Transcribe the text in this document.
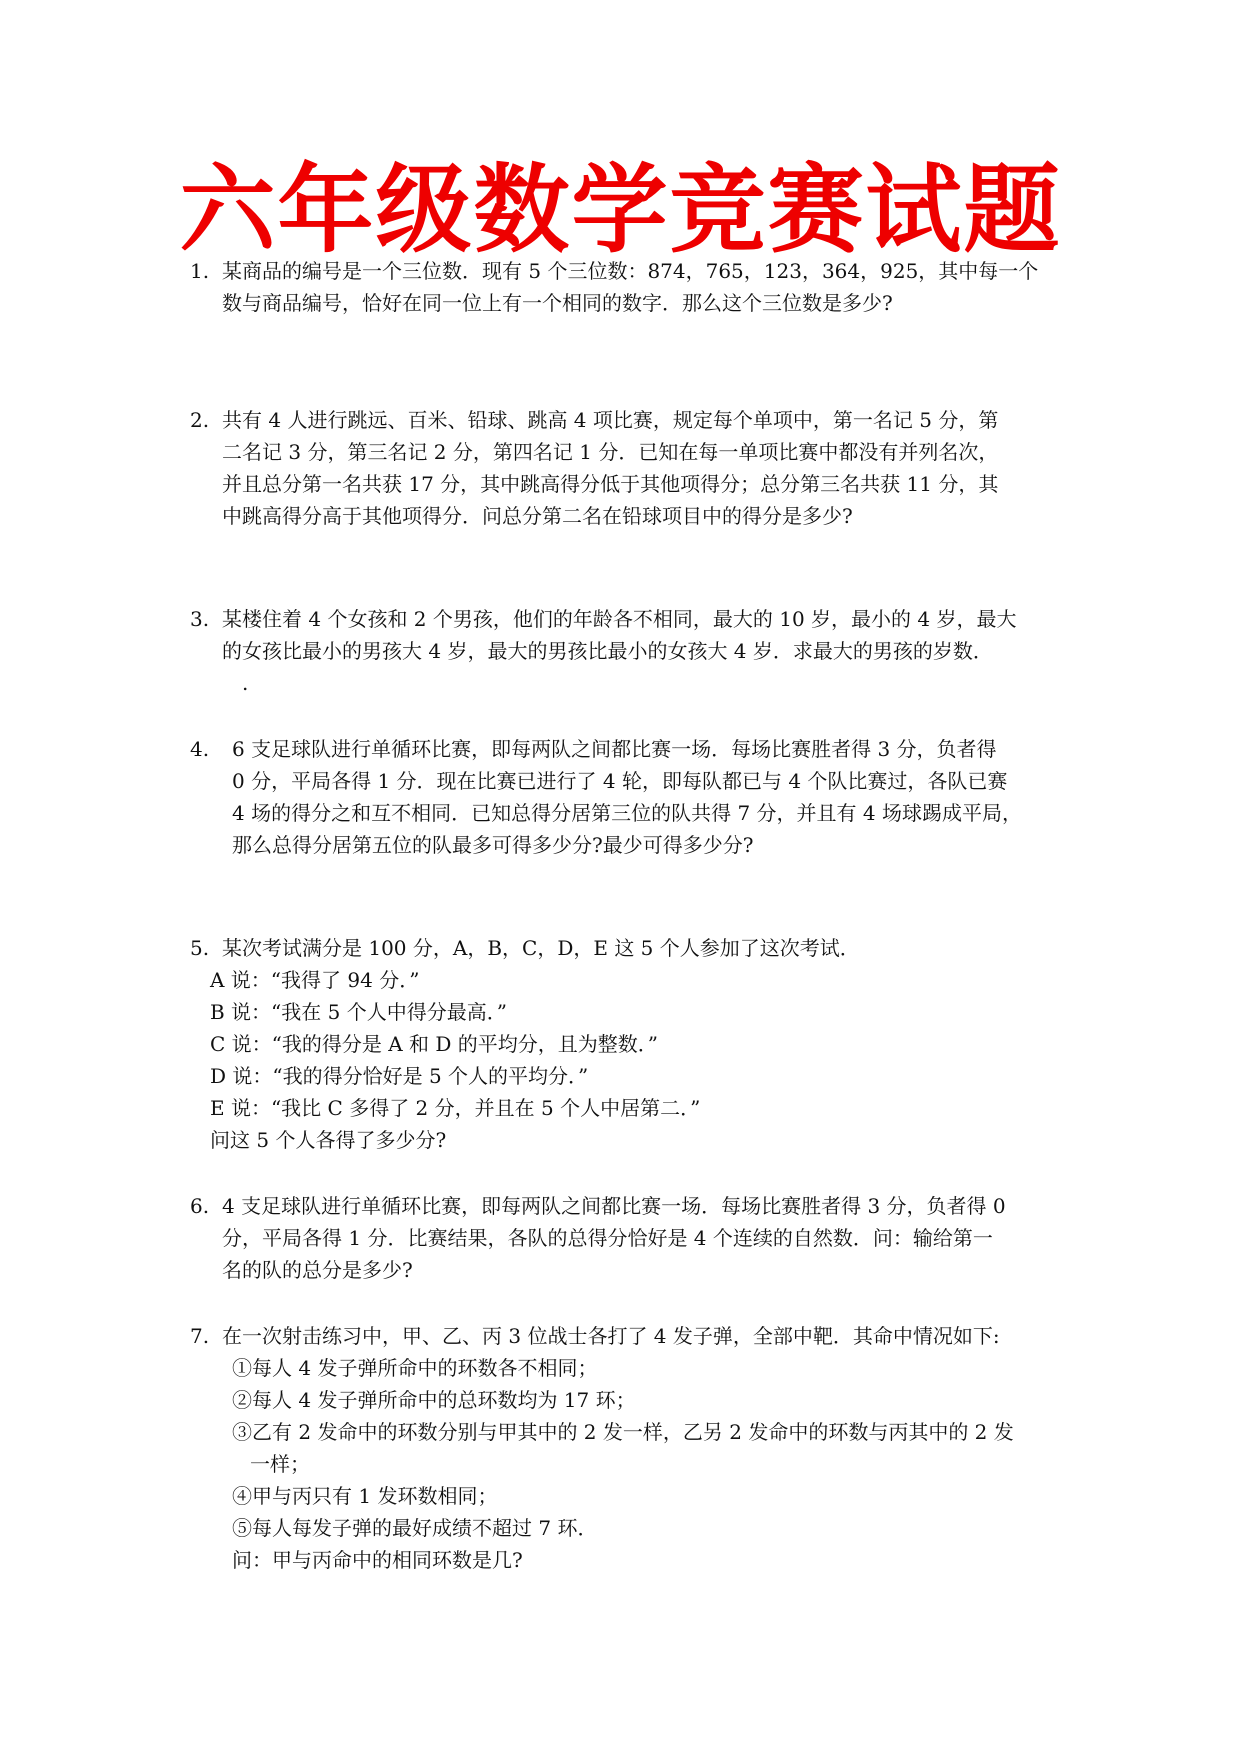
六年级数学竞赛试题
1. 某商品的编号是一个三位数．现有 5 个三位数：874，765，123，364，925，其中每一个
数与商品编号，恰好在同一位上有一个相同的数字．那么这个三位数是多少?
2. 共有 4 人进行跳远、百米、铅球、跳高 4 项比赛，规定每个单项中，第一名记 5 分，第
二名记 3 分，第三名记 2 分，第四名记 1 分．已知在每一单项比赛中都没有并列名次，
并且总分第一名共获 17 分，其中跳高得分低于其他项得分；总分第三名共获 11 分，其
中跳高得分高于其他项得分．问总分第二名在铅球项目中的得分是多少?
3. 某楼住着 4 个女孩和 2 个男孩，他们的年龄各不相同，最大的 10 岁，最小的 4 岁，最大
的女孩比最小的男孩大 4 岁，最大的男孩比最小的女孩大 4 岁．求最大的男孩的岁数．
.
4. 6 支足球队进行单循环比赛，即每两队之间都比赛一场．每场比赛胜者得 3 分，负者得
0 分，平局各得 1 分．现在比赛已进行了 4 轮，即每队都已与 4 个队比赛过，各队已赛
4 场的得分之和互不相同．已知总得分居第三位的队共得 7 分，并且有 4 场球踢成平局，
那么总得分居第五位的队最多可得多少分?最少可得多少分?
5. 某次考试满分是 100 分，A，B，C，D，E 这 5 个人参加了这次考试．
A 说：“我得了 94 分．”
B 说：“我在 5 个人中得分最高．”
C 说：“我的得分是 A 和 D 的平均分，且为整数．”
D 说：“我的得分恰好是 5 个人的平均分．”
E 说：“我比 C 多得了 2 分，并且在 5 个人中居第二．”
问这 5 个人各得了多少分?
6. 4 支足球队进行单循环比赛，即每两队之间都比赛一场．每场比赛胜者得 3 分，负者得 0
分，平局各得 1 分．比赛结果，各队的总得分恰好是 4 个连续的自然数．问：输给第一
名的队的总分是多少?
7. 在一次射击练习中，甲、乙、丙 3 位战士各打了 4 发子弹，全部中靶．其命中情况如下:
①每人 4 发子弹所命中的环数各不相同；
②每人 4 发子弹所命中的总环数均为 17 环；
③乙有 2 发命中的环数分别与甲其中的 2 发一样，乙另 2 发命中的环数与丙其中的 2 发
一样；
④甲与丙只有 1 发环数相同；
⑤每人每发子弹的最好成绩不超过 7 环．
问：甲与丙命中的相同环数是几?
